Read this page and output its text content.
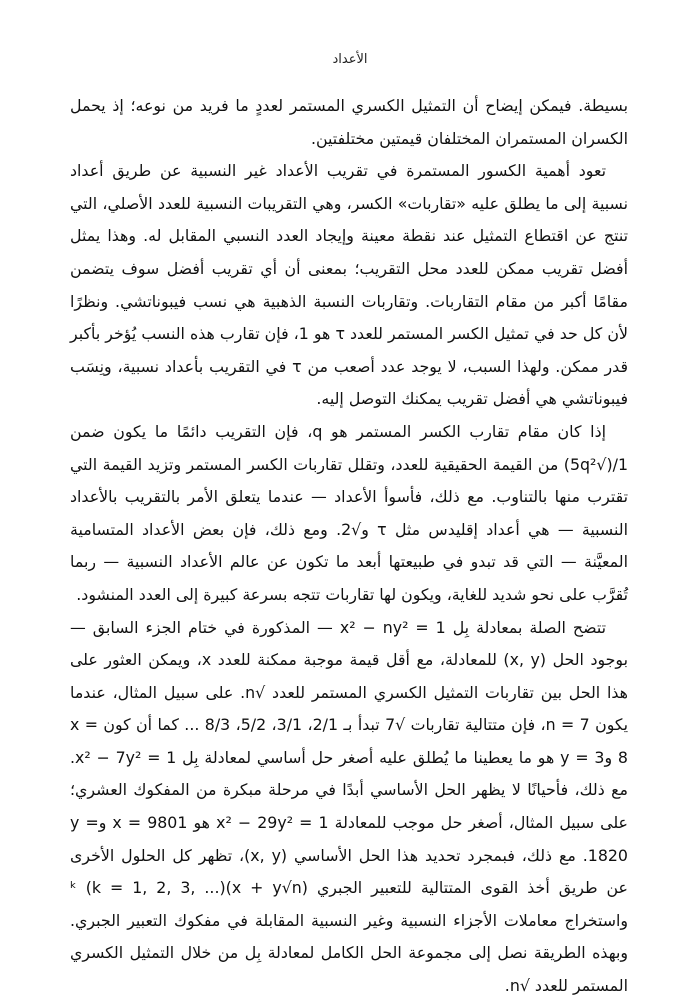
الأعداد

بسيطة. فيمكن إيضاح أن التمثيل الكسري المستمر لعددٍ ما فريد من نوعه؛ إذ يحمل الكسران المستمران المختلفان قيمتين مختلفتين.

تعود أهمية الكسور المستمرة في تقريب الأعداد غير النسبية عن طريق أعداد نسبية إلى ما يطلق عليه «تقاربات» الكسر، وهي التقريبات النسبية للعدد الأصلي، التي تنتج عن اقتطاع التمثيل عند نقطة معينة وإيجاد العدد النسبي المقابل له. وهذا يمثل أفضل تقريب ممكن للعدد محل التقريب؛ بمعنى أن أي تقريب أفضل سوف يتضمن مقامًا أكبر من مقام التقاربات. وتقاربات النسبة الذهبية هي نسب فيبوناتشي. ونظرًا لأن كل حد في تمثيل الكسر المستمر للعدد τ هو 1، فإن تقارب هذه النسب يُؤخر بأكبر قدر ممكن. ولهذا السبب، لا يوجد عدد أصعب من τ في التقريب بأعداد نسبية، ونِسَب فيبوناتشي هي أفضل تقريب يمكنك التوصل إليه.

إذا كان مقام تقارب الكسر المستمر هو q، فإن التقريب دائمًا ما يكون ضمن 1/(√5q²) من القيمة الحقيقية للعدد، وتقلل تقاربات الكسر المستمر وتزيد القيمة التي تقترب منها بالتناوب. مع ذلك، فأسوأ الأعداد — عندما يتعلق الأمر بالتقريب بالأعداد النسبية — هي أعداد إقليدس مثل τ و√2. ومع ذلك، فإن بعض الأعداد المتسامية المعيَّنة — التي قد تبدو في طبيعتها أبعد ما تكون عن عالم الأعداد النسبية — ربما تُقرَّب على نحو شديد للغاية، ويكون لها تقاربات تتجه بسرعة كبيرة إلى العدد المنشود.

تتضح الصلة بمعادلة بِل x² − ny² = 1 — المذكورة في ختام الجزء السابق — بوجود الحل (x, y) للمعادلة، مع أقل قيمة موجبة ممكنة للعدد x، ويمكن العثور على هذا الحل بين تقاربات التمثيل الكسري المستمر للعدد √n. على سبيل المثال، عندما يكون n = 7، فإن متتالية تقاربات √7 تبدأ بـ 2/1، 3/1، 5/2، 8/3 ... كما أن كون x = 8 وy = 3 هو ما يعطينا ما يُطلق عليه أصغر حل أساسي لمعادلة بِل x² − 7y² = 1. مع ذلك، فأحيانًا لا يظهر الحل الأساسي أبدًا في مرحلة مبكرة من المفكوك العشري؛ على سبيل المثال، أصغر حل موجب للمعادلة x² − 29y² = 1 هو x = 9801 وy = 1820. مع ذلك، فبمجرد تحديد هذا الحل الأساسي (x, y)، تظهر كل الحلول الأخرى عن طريق أخذ القوى المتتالية للتعبير الجبري (x + y√n)ᵏ (k = 1, 2, 3, ...) واستخراج معاملات الأجزاء النسبية وغير النسبية المقابلة في مفكوك التعبير الجبري. وبهذه الطريقة نصل إلى مجموعة الحل الكامل لمعادلة بِل من خلال التمثيل الكسري المستمر للعدد √n.
